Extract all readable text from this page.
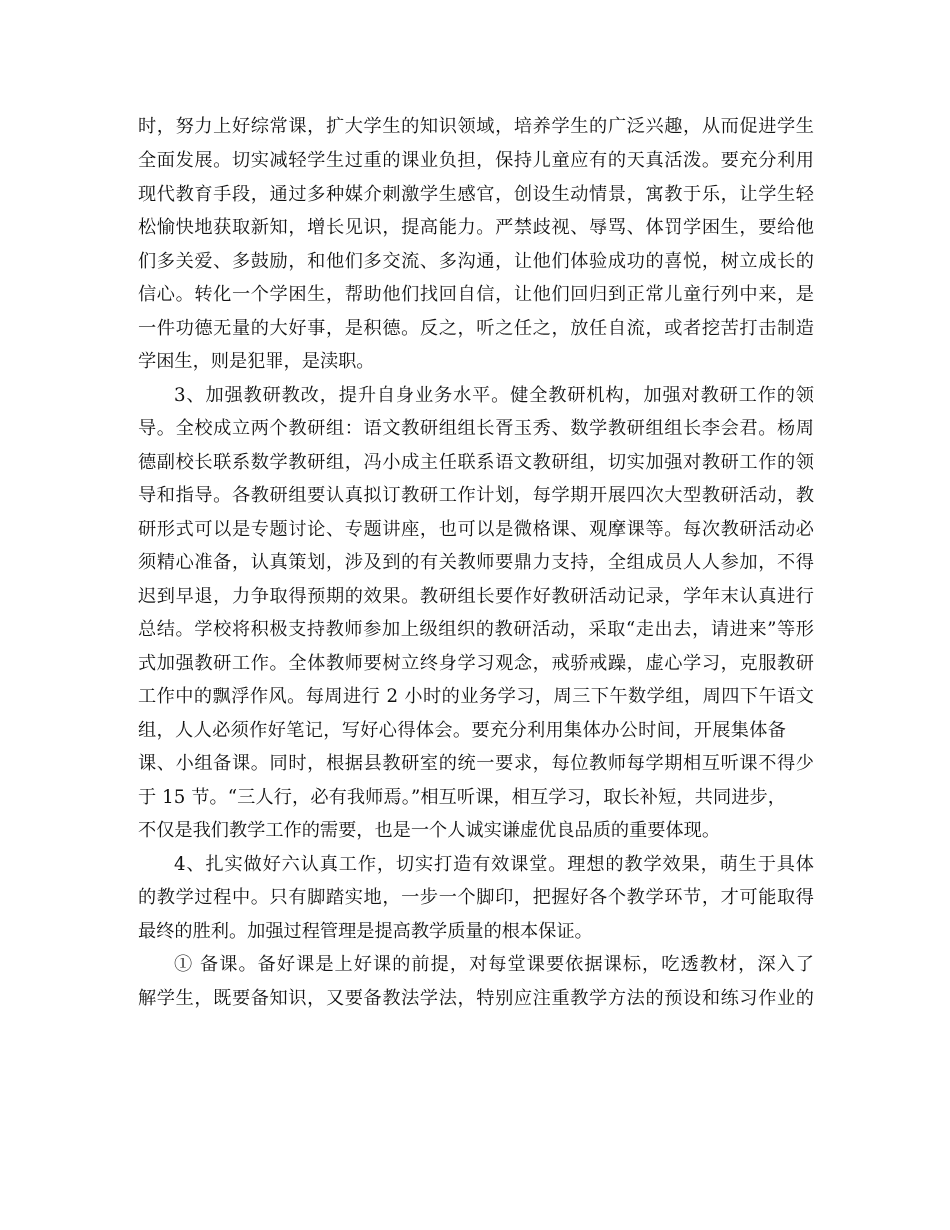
时，努力上好综常课，扩大学生的知识领域，培养学生的广泛兴趣，从而促进学生
全面发展。切实减轻学生过重的课业负担，保持儿童应有的天真活泼。要充分利用
现代教育手段，通过多种媒介刺激学生感官，创设生动情景，寓教于乐，让学生轻
松愉快地获取新知，增长见识，提高能力。严禁歧视、辱骂、体罚学困生，要给他
们多关爱、多鼓励，和他们多交流、多沟通，让他们体验成功的喜悦，树立成长的
信心。转化一个学困生，帮助他们找回自信，让他们回归到正常儿童行列中来，是
一件功德无量的大好事，是积德。反之，听之任之，放任自流，或者挖苦打击制造
学困生，则是犯罪，是渎职。
3、加强教研教改，提升自身业务水平。健全教研机构，加强对教研工作的领
导。全校成立两个教研组：语文教研组组长胥玉秀、数学教研组组长李会君。杨周
德副校长联系数学教研组，冯小成主任联系语文教研组，切实加强对教研工作的领
导和指导。各教研组要认真拟订教研工作计划，每学期开展四次大型教研活动，教
研形式可以是专题讨论、专题讲座，也可以是微格课、观摩课等。每次教研活动必
须精心准备，认真策划，涉及到的有关教师要鼎力支持，全组成员人人参加，不得
迟到早退，力争取得预期的效果。教研组长要作好教研活动记录，学年末认真进行
总结。学校将积极支持教师参加上级组织的教研活动，采取“走出去，请进来”等形
式加强教研工作。全体教师要树立终身学习观念，戒骄戒躁，虚心学习，克服教研
工作中的飘浮作风。每周进行 2 小时的业务学习，周三下午数学组，周四下午语文
组，人人必须作好笔记，写好心得体会。要充分利用集体办公时间，开展集体备
课、小组备课。同时，根据县教研室的统一要求，每位教师每学期相互听课不得少
于 15 节。“三人行，必有我师焉。”相互听课，相互学习，取长补短，共同进步，
不仅是我们教学工作的需要，也是一个人诚实谦虚优良品质的重要体现。
4、扎实做好六认真工作，切实打造有效课堂。理想的教学效果，萌生于具体
的教学过程中。只有脚踏实地，一步一个脚印，把握好各个教学环节，才可能取得
最终的胜利。加强过程管理是提高教学质量的根本保证。
① 备课。备好课是上好课的前提，对每堂课要依据课标，吃透教材，深入了
解学生，既要备知识，又要备教法学法，特别应注重教学方法的预设和练习作业的
